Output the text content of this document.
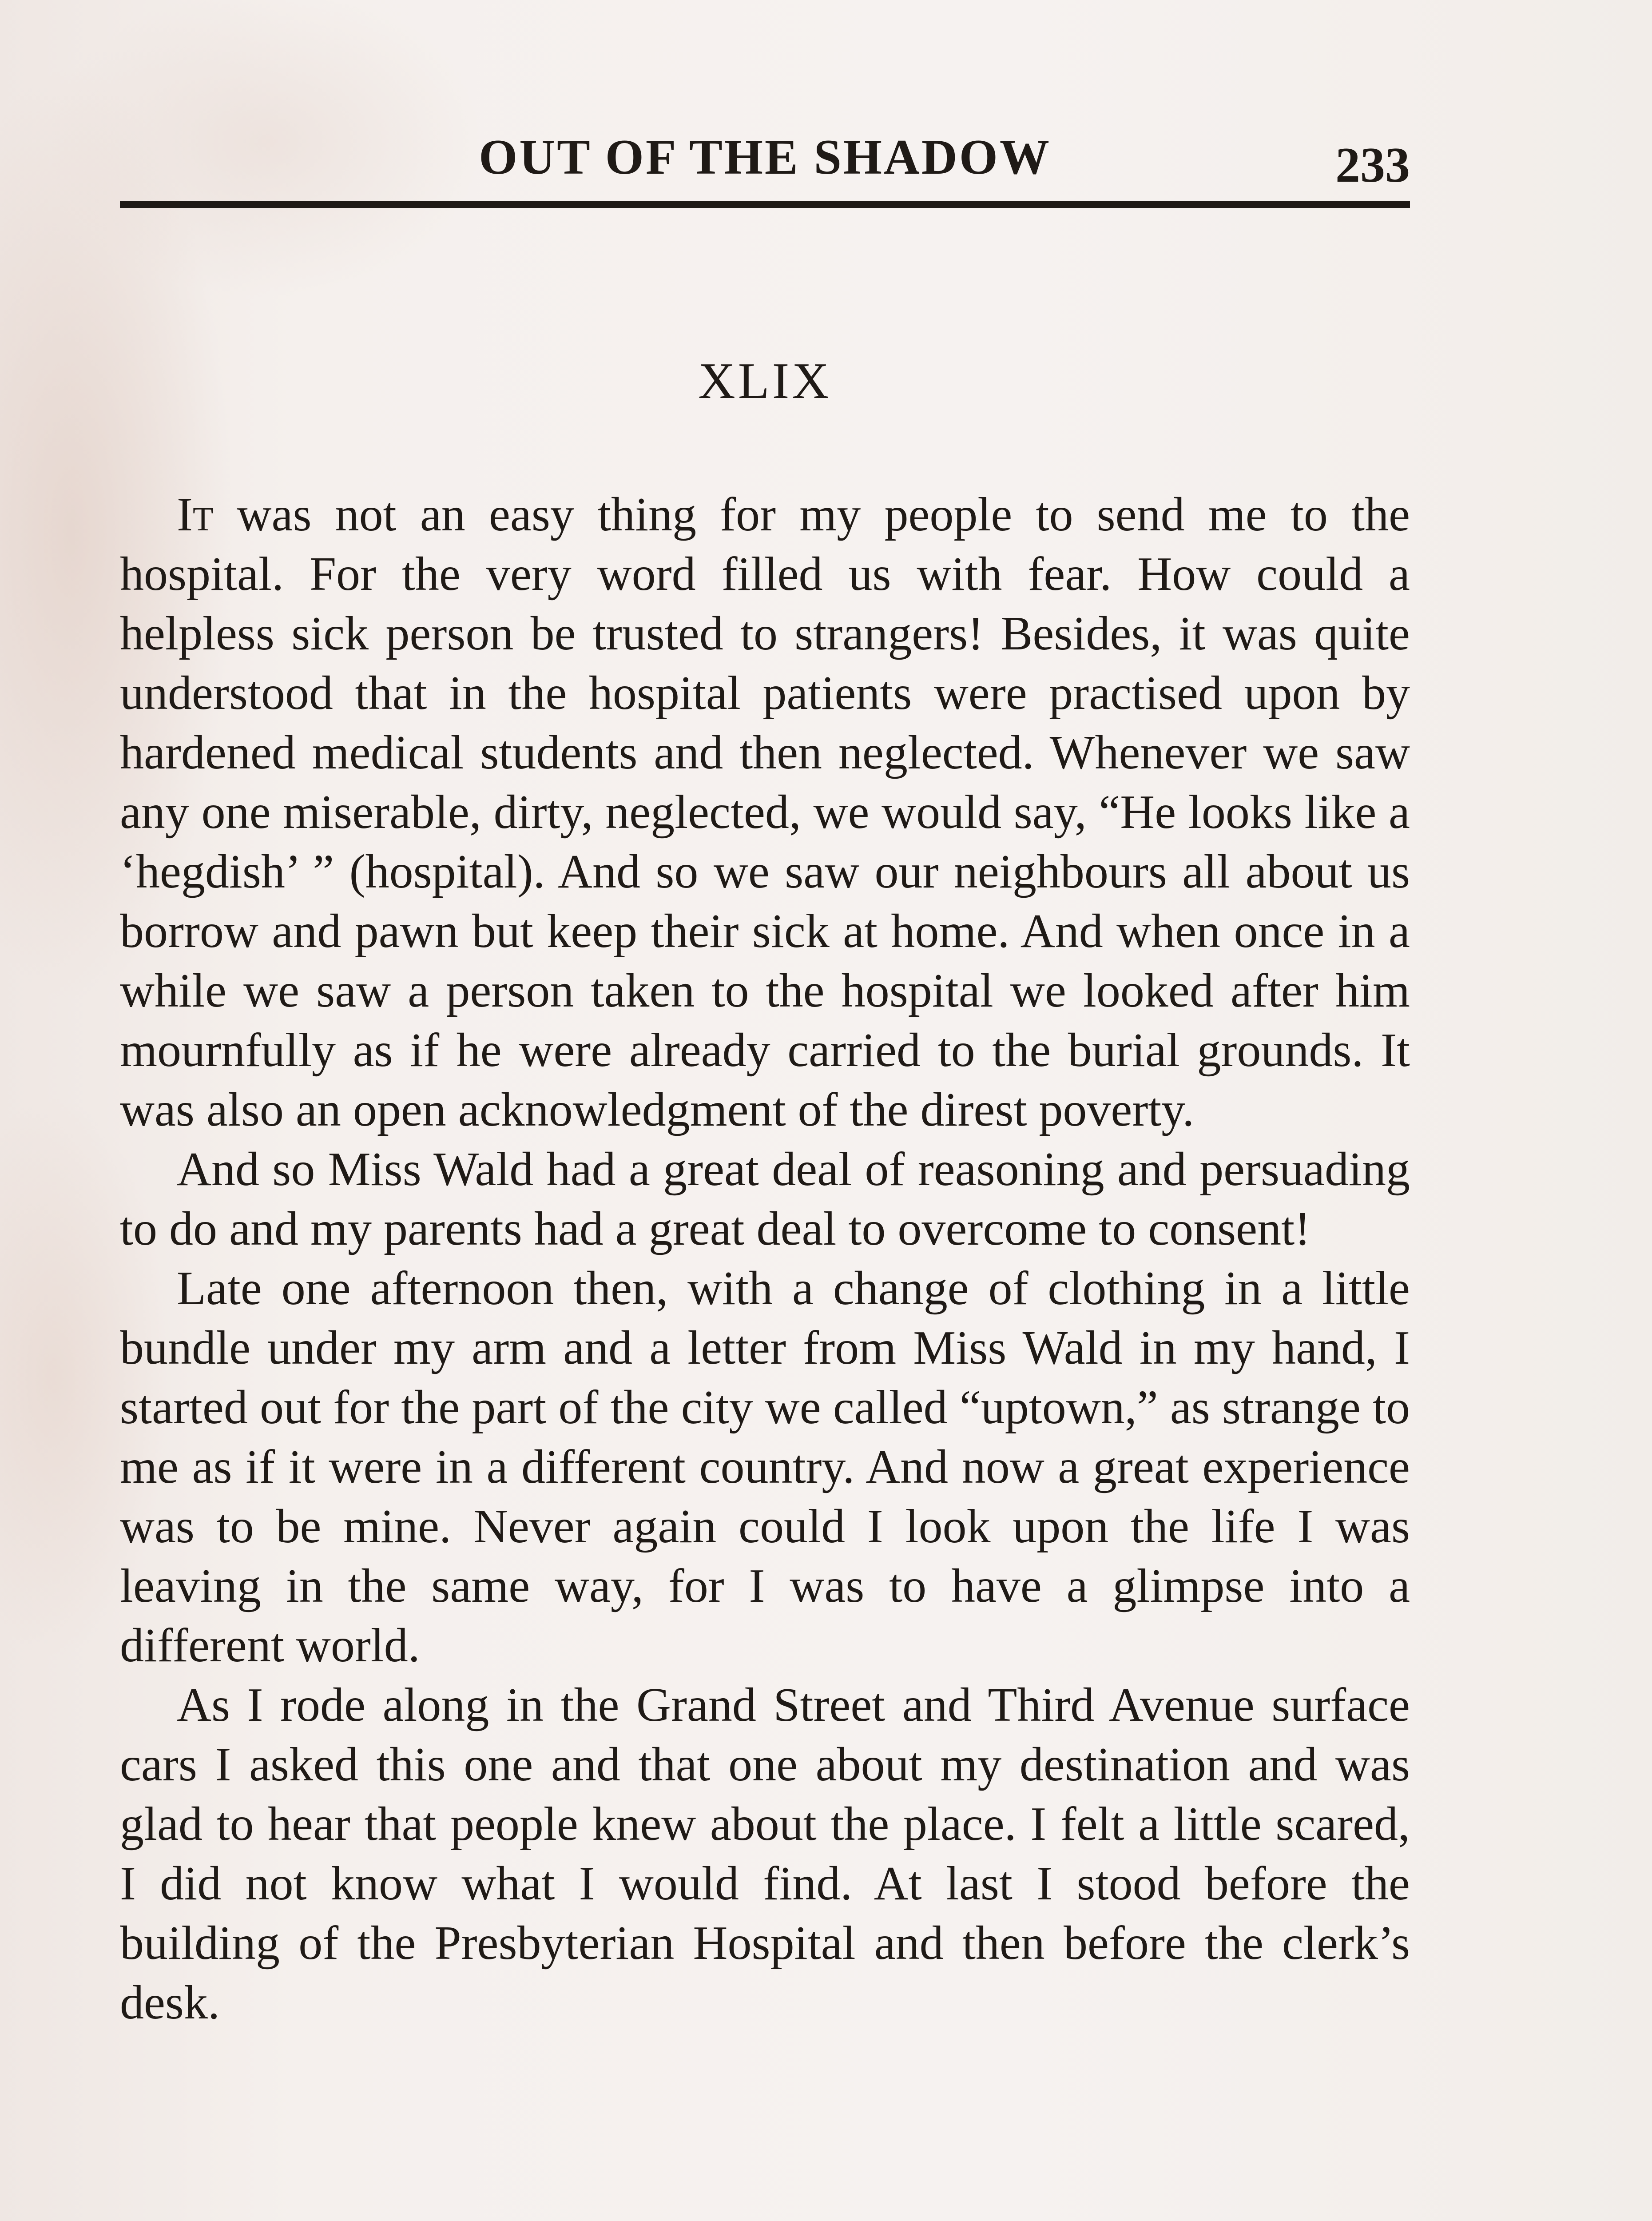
OUT OF THE SHADOW	233
XLIX

It was not an easy thing for my people to send me to the hospital. For the very word filled us with fear. How could a helpless sick person be trusted to strangers! Besides, it was quite understood that in the hospital patients were practised upon by hardened medical students and then neglected. Whenever we saw any one miserable, dirty, neglected, we would say, “He looks like a ‘hegdish’ ” (hospital). And so we saw our neighbours all about us borrow and pawn but keep their sick at home. And when once in a while we saw a person taken to the hospital we looked after him mournfully as if he were already carried to the burial grounds. It was also an open acknowledgment of the direst poverty.

And so Miss Wald had a great deal of reasoning and persuading to do and my parents had a great deal to overcome to consent!

Late one afternoon then, with a change of clothing in a little bundle under my arm and a letter from Miss Wald in my hand, I started out for the part of the city we called “uptown,” as strange to me as if it were in a different country. And now a great experience was to be mine. Never again could I look upon the life I was leaving in the same way, for I was to have a glimpse into a different world.

As I rode along in the Grand Street and Third Avenue surface cars I asked this one and that one about my destination and was glad to hear that people knew about the place. I felt a little scared, I did not know what I would find. At last I stood before the building of the Presbyterian Hospital and then before the clerk’s desk.
